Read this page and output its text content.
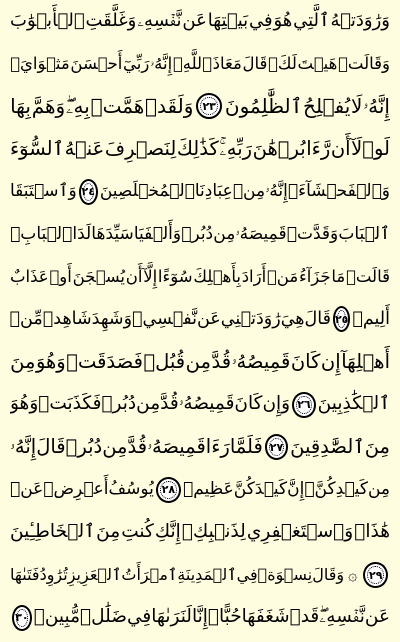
وَرَٰوَدَتۡهُ
ٱلَّتِي
هُوَ
فِي
بَيۡتِهَا
عَن
نَّفۡسِهِۦ
وَغَلَّقَتِ
ٱلۡأَبۡوَٰبَ
وَقَالَتۡ
هَيۡتَ
لَكَۚ
قَالَ
مَعَاذَ
ٱللَّهِۖ
إِنَّهُۥ
رَبِّيٓ
أَحۡسَنَ
مَثۡوَايَۖ
إِنَّهُۥ
لَا
يُفۡلِحُ
ٱلظَّٰلِمُونَ
٢٣
وَلَقَدۡ
هَمَّتۡ
بِهِۦۖ
وَهَمَّ
بِهَا
لَوۡلَآ
أَن
رَّءَا
بُرۡهَٰنَ
رَبِّهِۦۚ
كَذَٰلِكَ
لِنَصۡرِفَ
عَنۡهُ
ٱلسُّوٓءَ
وَٱلۡفَحۡشَآءَۚ
إِنَّهُۥ
مِنۡ
عِبَادِنَا
ٱلۡمُخۡلَصِينَ
٢٤
وَٱسۡتَبَقَا
ٱلۡبَابَ
وَقَدَّتۡ
قَمِيصَهُۥ
مِن
دُبُرٖ
وَأَلۡفَيَا
سَيِّدَهَا
لَدَا
ٱلۡبَابِۚ
قَالَتۡ
مَا
جَزَآءُ
مَنۡ
أَرَادَ
بِأَهۡلِكَ
سُوٓءًا
إِلَّآ
أَن
يُسۡجَنَ
أَوۡ
عَذَابٌ
أَلِيمٞ
٢٥
قَالَ
هِيَ
رَٰوَدَتۡنِي
عَن
نَّفۡسِيۚ
وَشَهِدَ
شَاهِدٞ
مِّنۡ
أَهۡلِهَآ
إِن
كَانَ
قَمِيصُهُۥ
قُدَّ
مِن
قُبُلٖ
فَصَدَقَتۡ
وَهُوَ
مِنَ
ٱلۡكَٰذِبِينَ
٢٦
وَإِن
كَانَ
قَمِيصُهُۥ
قُدَّ
مِن
دُبُرٖ
فَكَذَبَتۡ
وَهُوَ
مِنَ
ٱلصَّٰدِقِينَ
٢٧
فَلَمَّا
رَءَا
قَمِيصَهُۥ
قُدَّ
مِن
دُبُرٖ
قَالَ
إِنَّهُۥ
مِن
كَيۡدِكُنَّۖ
إِنَّ
كَيۡدَكُنَّ
عَظِيمٞ
٢٨
يُوسُفُ
أَعۡرِضۡ
عَنۡ
هَٰذَاۚ
وَٱسۡتَغۡفِرِي
لِذَنۢبِكِۖ
إِنَّكِ
كُنتِ
مِنَ
ٱلۡخَاطِـِٔينَ
٢٩
۞
وَقَالَ
نِسۡوَةٞ
فِي
ٱلۡمَدِينَةِ
ٱمۡرَأَتُ
ٱلۡعَزِيزِ
تُرَٰوِدُ
فَتَىٰهَا
عَن
نَّفۡسِهِۦۖ
قَدۡ
شَغَفَهَا
حُبًّاۖ
إِنَّا
لَنَرَىٰهَا
فِي
ضَلَٰلٖ
مُّبِينٖ
٣٠
